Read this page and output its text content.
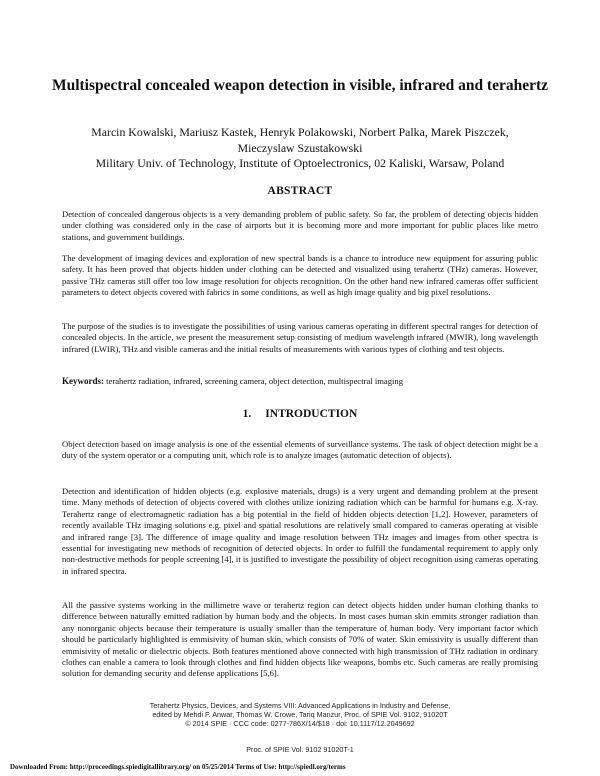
Multispectral concealed weapon detection in visible, infrared and terahertz
Marcin Kowalski, Mariusz Kastek, Henryk Polakowski, Norbert Palka, Marek Piszczek,
Mieczyslaw Szustakowski
Military Univ. of Technology, Institute of Optoelectronics, 02 Kaliski, Warsaw, Poland
ABSTRACT
Detection of concealed dangerous objects is a very demanding problem of public safety. So far, the problem of detecting objects hidden under clothing was considered only in the case of airports but it is becoming more and more important for public places like metro stations, and government buildings.
The development of imaging devices and exploration of new spectral bands is a chance to introduce new equipment for assuring public safety. It has been proved that objects hidden under clothing can be detected and visualized using terahertz (THz) cameras. However, passive THz cameras still offer too low image resolution for objects recognition. On the other hand new infrared cameras offer sufficient parameters to detect objects covered with fabrics in some conditions, as well as high image quality and big pixel resolutions.
The purpose of the studies is to investigate the possibilities of using various cameras operating in different spectral ranges for detection of concealed objects. In the article, we present the measurement setup consisting of medium wavelength infrared (MWIR), long wavelength infrared (LWIR), THz and visible cameras and the initial results of measurements with various types of clothing and test objects.
Keywords: terahertz radiation, infrared, screening camera, object detection, multispectral imaging
1. INTRODUCTION
Object detection based on image analysis is one of the essential elements of surveillance systems. The task of object detection might be a duty of the system operator or a computing unit, which role is to analyze images (automatic detection of objects).
Detection and identification of hidden objects (e.g. explosive materials, drugs) is a very urgent and demanding problem at the present time. Many methods of detection of objects covered with clothes utilize ionizing radiation which can be harmful for humans e.g. X-ray. Terahertz range of electromagnetic radiation has a big potential in the field of hidden objects detection [1,2]. However, parameters of recently available THz imaging solutions e.g. pixel and spatial resolutions are relatively small compared to cameras operating at visible and infrared range [3]. The difference of image quality and image resolution between THz images and images from other spectra is essential for investigating new methods of recognition of detected objects. In order to fulfill the fundamental requirement to apply only non-destructive methods for people screening [4], it is justified to investigate the possibility of object recognition using cameras operating in infrared spectra.
All the passive systems working in the millimetre wave or terahertz region can detect objects hidden under human clothing thanks to difference between naturally emitted radiation by human body and the objects. In most cases human skin emmits stronger radiation than any nonorganic objects because their temperature is usually smaller than the temperature of human body. Very important factor which should be particularly highlighted is emmisivity of human skin, which consists of 70% of water. Skin emissivity is usually different than emmisivity of metalic or dielectric objects. Both features mentioned above connected with high transmission of THz radiation in ordinary clothes can enable a camera to look through clothes and find hidden objects like weapons, bombs etc. Such cameras are really promising solution for demanding security and defense applications [5,6].
Terahertz Physics, Devices, and Systems VIII: Advanced Applications in Industry and Defense,
edited by Mehdi F. Anwar, Thomas W. Crowe, Tariq Manzur, Proc. of SPIE Vol. 9102, 91020T
© 2014 SPIE · CCC code: 0277-786X/14/$18 · doi: 10.1117/12.2049692
Proc. of SPIE Vol. 9102 91020T-1
Downloaded From: http://proceedings.spiedigitallibrary.org/ on 05/25/2014 Terms of Use: http://spiedl.org/terms
